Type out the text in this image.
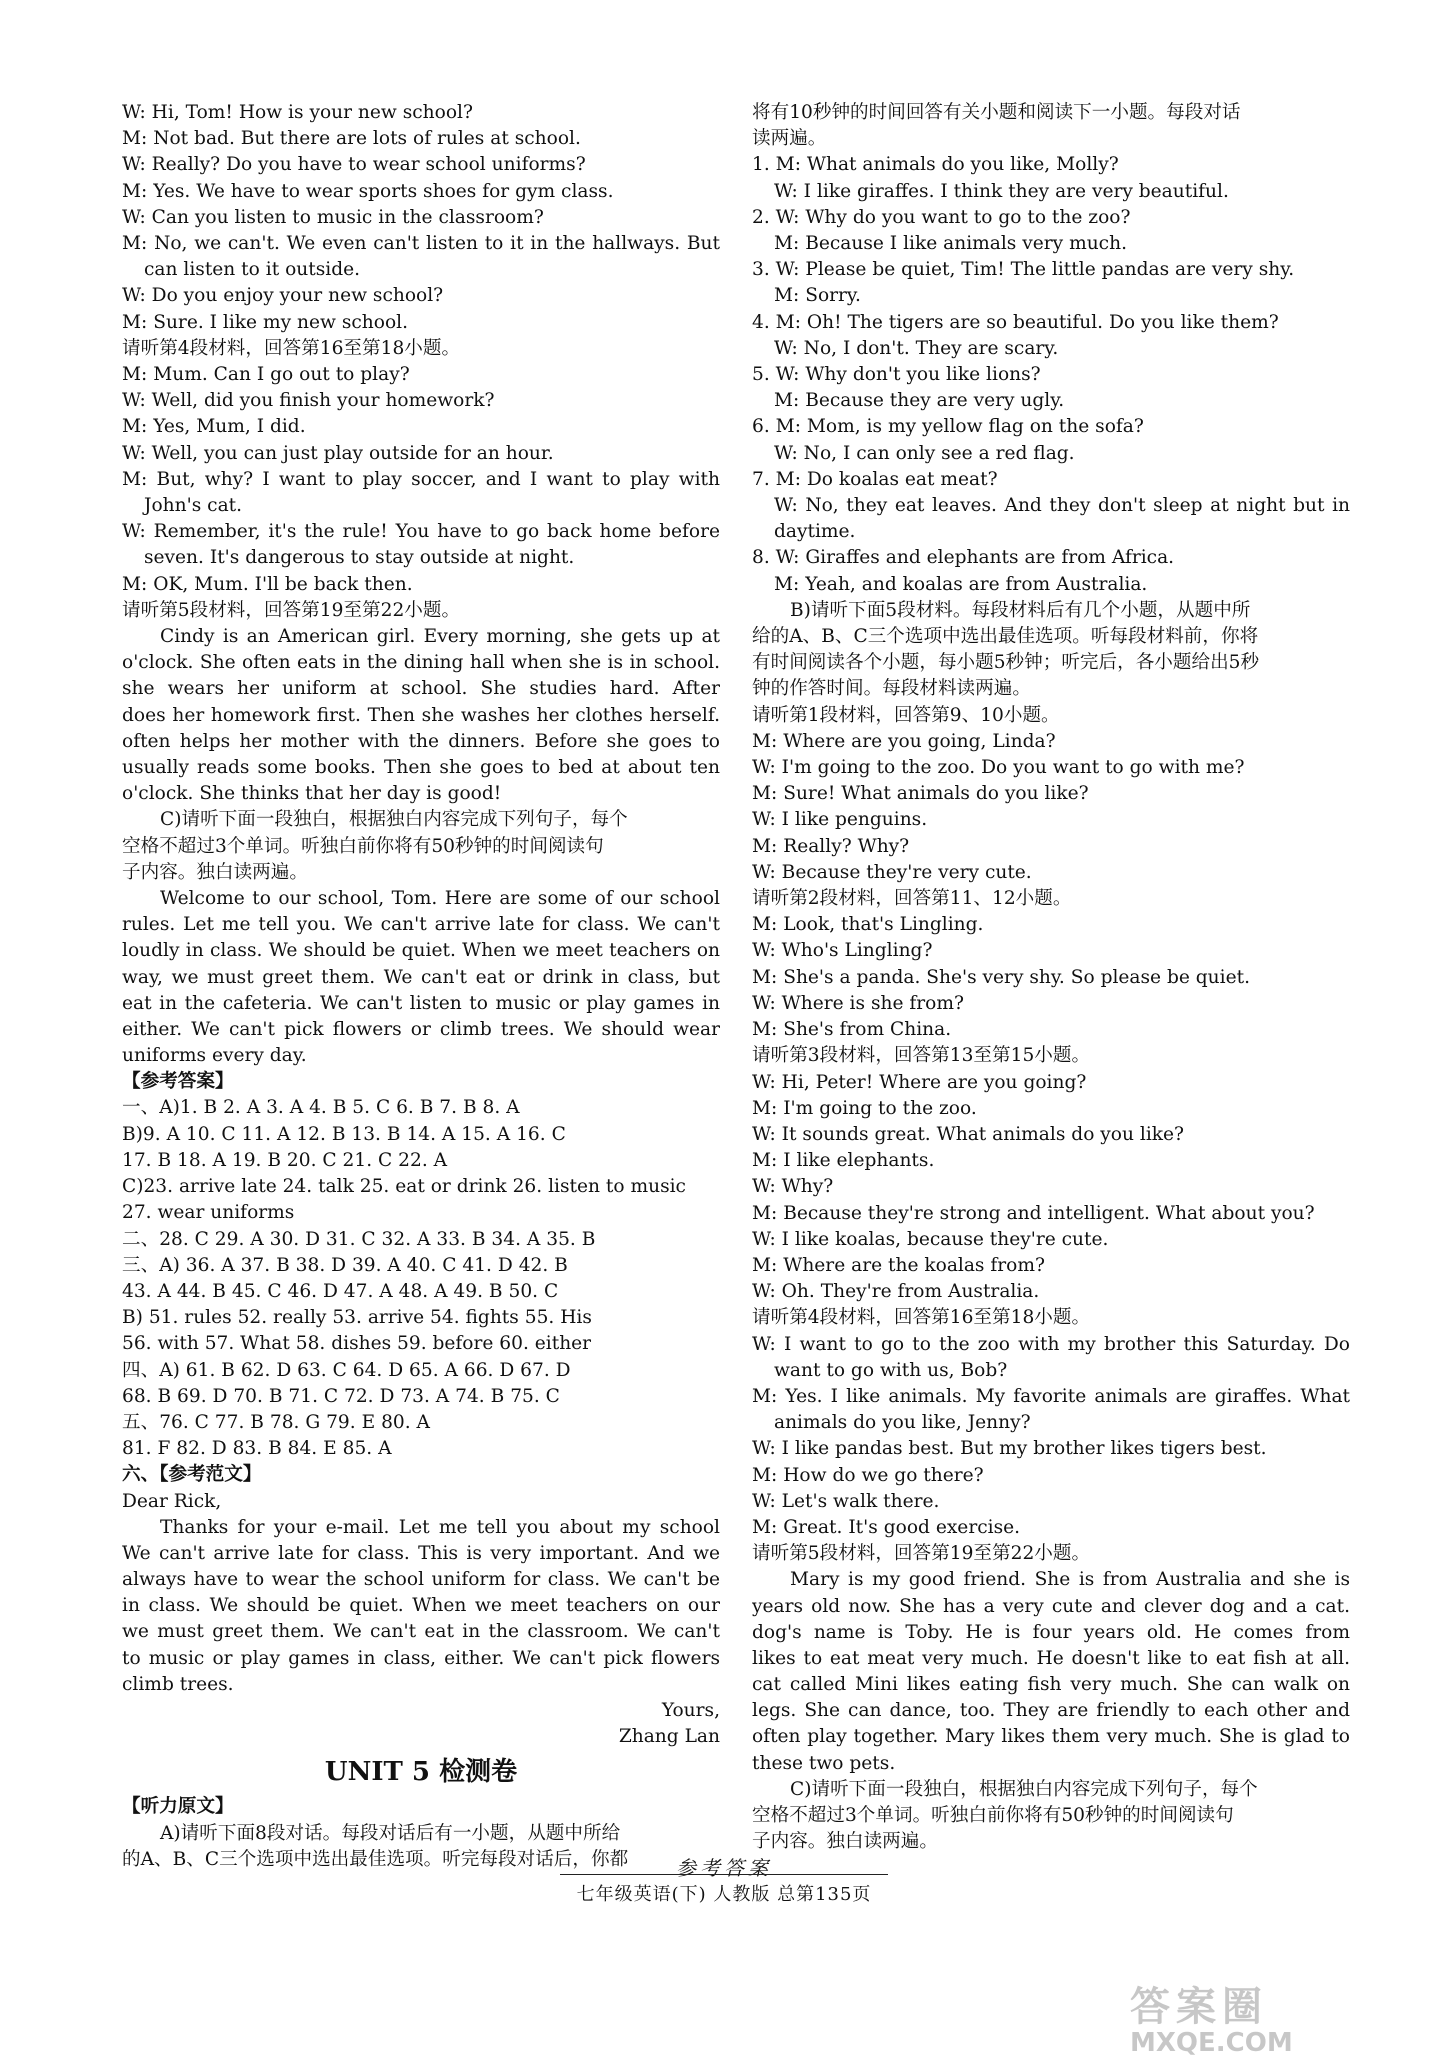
W: Hi, Tom! How is your new school?
M: Not bad. But there are lots of rules at school.
W: Really? Do you have to wear school uniforms?
M: Yes. We have to wear sports shoes for gym class.
W: Can you listen to music in the classroom?
M: No, we can't. We even can't listen to it in the hallways. But
can listen to it outside.
W: Do you enjoy your new school?
M: Sure. I like my new school.
请听第4段材料，回答第16至第18小题。
M: Mum. Can I go out to play?
W: Well, did you finish your homework?
M: Yes, Mum, I did.
W: Well, you can just play outside for an hour.
M: But, why? I want to play soccer, and I want to play with
John's cat.
W: Remember, it's the rule! You have to go back home before
seven. It's dangerous to stay outside at night.
M: OK, Mum. I'll be back then.
请听第5段材料，回答第19至第22小题。
Cindy is an American girl. Every morning, she gets up at
o'clock. She often eats in the dining hall when she is in school.
she wears her uniform at school. She studies hard. After
does her homework first. Then she washes her clothes herself.
often helps her mother with the dinners. Before she goes to
usually reads some books. Then she goes to bed at about ten
o'clock. She thinks that her day is good!
C)请听下面一段独白，根据独白内容完成下列句子，每个
空格不超过3个单词。听独白前你将有50秒钟的时间阅读句
子内容。独白读两遍。
Welcome to our school, Tom. Here are some of our school
rules. Let me tell you. We can't arrive late for class. We can't
loudly in class. We should be quiet. When we meet teachers on
way, we must greet them. We can't eat or drink in class, but
eat in the cafeteria. We can't listen to music or play games in
either. We can't pick flowers or climb trees. We should wear
uniforms every day.
【参考答案】
一、A)1. B 2. A 3. A 4. B 5. C 6. B 7. B 8. A
B)9. A 10. C 11. A 12. B 13. B 14. A 15. A 16. C
17. B 18. A 19. B 20. C 21. C 22. A
C)23. arrive late 24. talk 25. eat or drink 26. listen to music
27. wear uniforms
二、28. C 29. A 30. D 31. C 32. A 33. B 34. A 35. B
三、A) 36. A 37. B 38. D 39. A 40. C 41. D 42. B
43. A 44. B 45. C 46. D 47. A 48. A 49. B 50. C
B) 51. rules 52. really 53. arrive 54. fights 55. His
56. with 57. What 58. dishes 59. before 60. either
四、A) 61. B 62. D 63. C 64. D 65. A 66. D 67. D
68. B 69. D 70. B 71. C 72. D 73. A 74. B 75. C
五、76. C 77. B 78. G 79. E 80. A
81. F 82. D 83. B 84. E 85. A
六、【参考范文】
Dear Rick,
Thanks for your e-mail. Let me tell you about my school
We can't arrive late for class. This is very important. And we
always have to wear the school uniform for class. We can't be
in class. We should be quiet. When we meet teachers on our
we must greet them. We can't eat in the classroom. We can't
to music or play games in class, either. We can't pick flowers
climb trees.
Yours,
Zhang Lan
UNIT 5 检测卷
【听力原文】
A)请听下面8段对话。每段对话后有一小题，从题中所给
的A、B、C三个选项中选出最佳选项。听完每段对话后，你都
将有10秒钟的时间回答有关小题和阅读下一小题。每段对话
读两遍。
1. M: What animals do you like, Molly?
W: I like giraffes. I think they are very beautiful.
2. W: Why do you want to go to the zoo?
M: Because I like animals very much.
3. W: Please be quiet, Tim! The little pandas are very shy.
M: Sorry.
4. M: Oh! The tigers are so beautiful. Do you like them?
W: No, I don't. They are scary.
5. W: Why don't you like lions?
M: Because they are very ugly.
6. M: Mom, is my yellow flag on the sofa?
W: No, I can only see a red flag.
7. M: Do koalas eat meat?
W: No, they eat leaves. And they don't sleep at night but in
daytime.
8. W: Giraffes and elephants are from Africa.
M: Yeah, and koalas are from Australia.
B)请听下面5段材料。每段材料后有几个小题，从题中所
给的A、B、C三个选项中选出最佳选项。听每段材料前，你将
有时间阅读各个小题，每小题5秒钟；听完后，各小题给出5秒
钟的作答时间。每段材料读两遍。
请听第1段材料，回答第9、10小题。
M: Where are you going, Linda?
W: I'm going to the zoo. Do you want to go with me?
M: Sure! What animals do you like?
W: I like penguins.
M: Really? Why?
W: Because they're very cute.
请听第2段材料，回答第11、12小题。
M: Look, that's Lingling.
W: Who's Lingling?
M: She's a panda. She's very shy. So please be quiet.
W: Where is she from?
M: She's from China.
请听第3段材料，回答第13至第15小题。
W: Hi, Peter! Where are you going?
M: I'm going to the zoo.
W: It sounds great. What animals do you like?
M: I like elephants.
W: Why?
M: Because they're strong and intelligent. What about you?
W: I like koalas, because they're cute.
M: Where are the koalas from?
W: Oh. They're from Australia.
请听第4段材料，回答第16至第18小题。
W: I want to go to the zoo with my brother this Saturday. Do
want to go with us, Bob?
M: Yes. I like animals. My favorite animals are giraffes. What
animals do you like, Jenny?
W: I like pandas best. But my brother likes tigers best.
M: How do we go there?
W: Let's walk there.
M: Great. It's good exercise.
请听第5段材料，回答第19至第22小题。
Mary is my good friend. She is from Australia and she is
years old now. She has a very cute and clever dog and a cat.
dog's name is Toby. He is four years old. He comes from
likes to eat meat very much. He doesn't like to eat fish at all.
cat called Mini likes eating fish very much. She can walk on
legs. She can dance, too. They are friendly to each other and
often play together. Mary likes them very much. She is glad to
these two pets.
C)请听下面一段独白，根据独白内容完成下列句子，每个
空格不超过3个单词。听独白前你将有50秒钟的时间阅读句
子内容。独白读两遍。
参考答案
七年级英语(下) 人教版 总第135页
答案圈
MXQE.COM
